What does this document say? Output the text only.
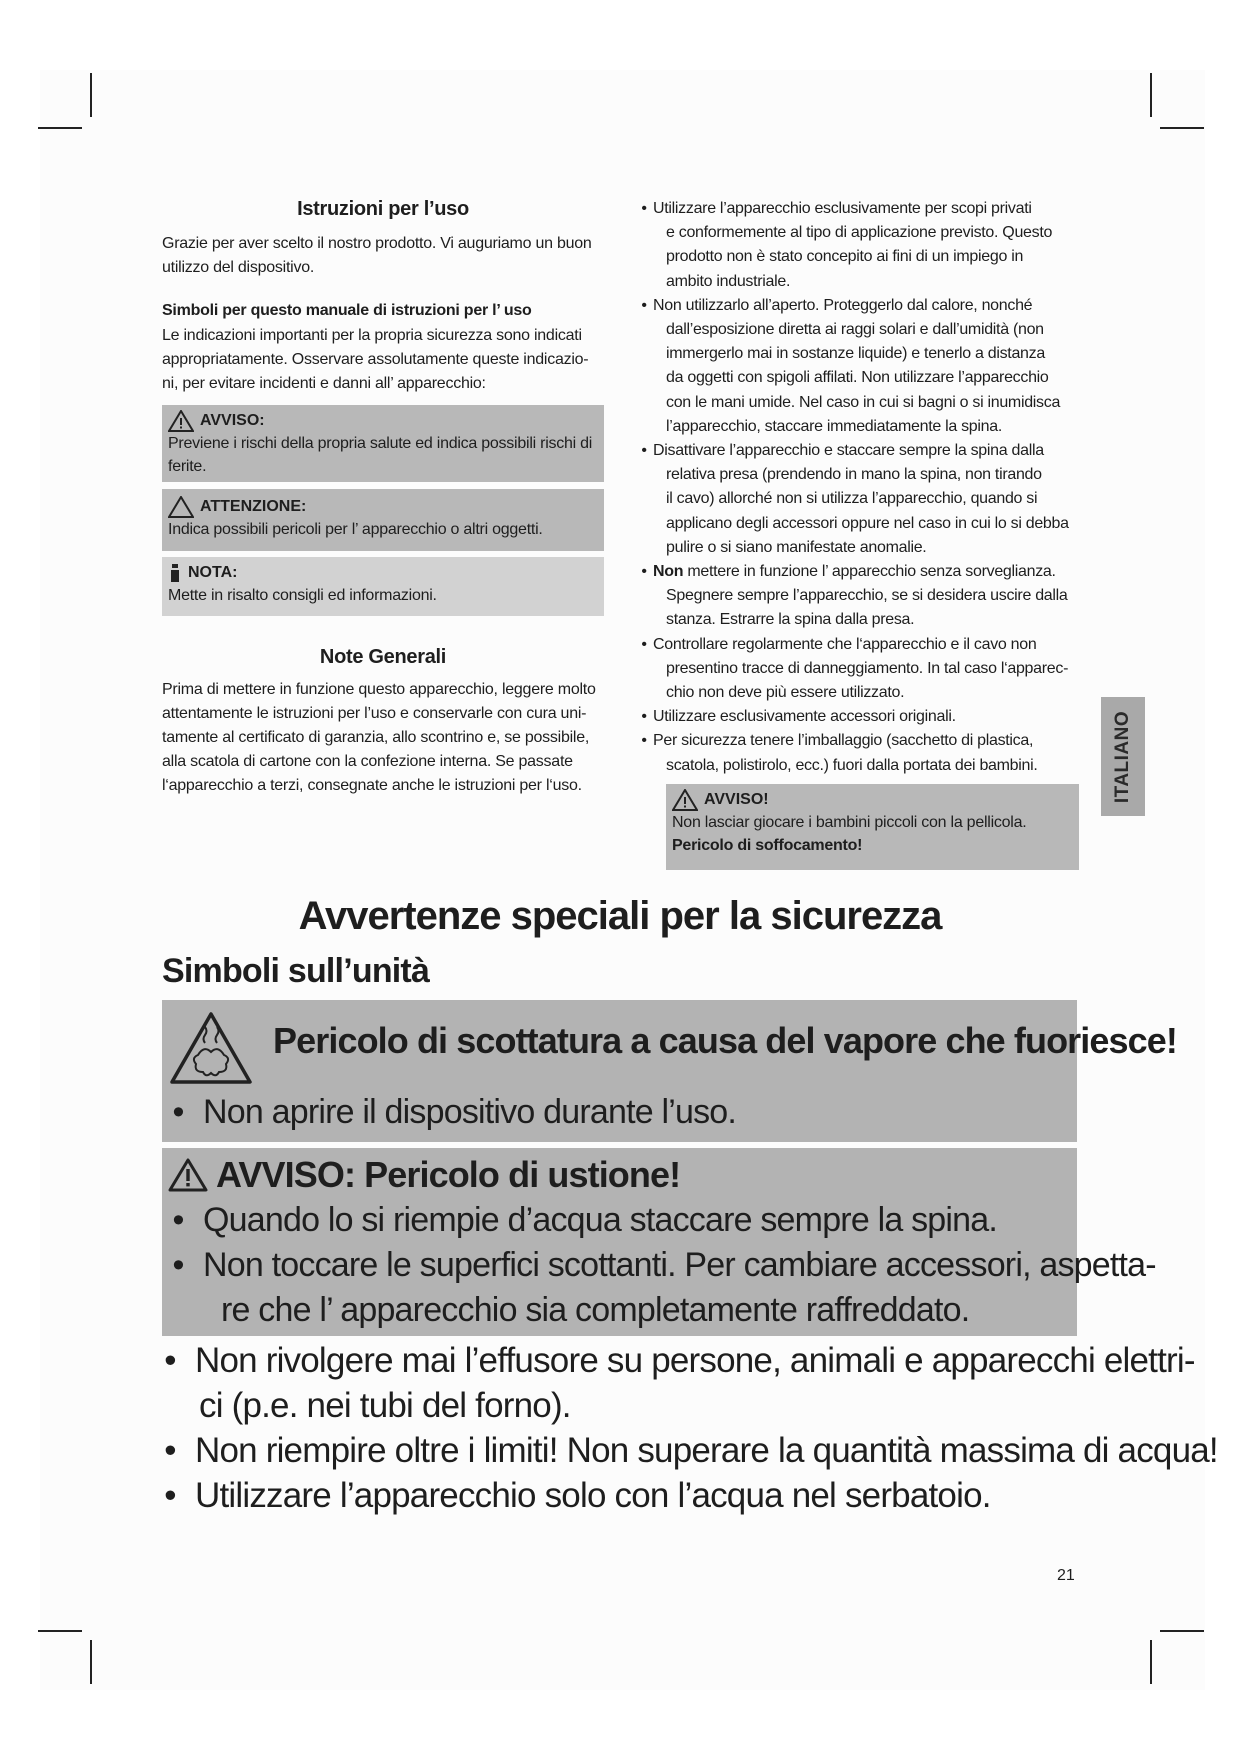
Istruzioni per l’uso

Grazie per aver scelto il nostro prodotto. Vi auguriamo un buon utilizzo del dispositivo.

Simboli per questo manuale di istruzioni per l’ uso

Le indicazioni importanti per la propria sicurezza sono indicati appropriatamente. Osservare assolutamente queste indicazio-ni, per evitare incidenti e danni all’ apparecchio:

AVVISO:
Previene i rischi della propria salute ed indica possibili rischi di ferite.
ATTENZIONE:
Indica possibili pericoli per l’ apparecchio o altri oggetti.
NOTA:
Mette in risalto consigli ed informazioni.
Note Generali

Prima di mettere in funzione questo apparecchio, leggere molto attentamente le istruzioni per l’uso e conservarle con cura uni-tamente al certificato di garanzia, allo scontrino e, se possibile, alla scatola di cartone con la confezione interna. Se passate l‘apparecchio a terzi, consegnate anche le istruzioni per l‘uso.

• Utilizzare l’apparecchio esclusivamente per scopi privati
e conformemente al tipo di applicazione previsto. Questo
prodotto non è stato concepito ai fini di un impiego in
ambito industriale.
• Non utilizzarlo all’aperto. Proteggerlo dal calore, nonché
dall’esposizione diretta ai raggi solari e dall’umidità (non
immergerlo mai in sostanze liquide) e tenerlo a distanza
da oggetti con spigoli affilati. Non utilizzare l’apparecchio
con le mani umide. Nel caso in cui si bagni o si inumidisca
l’apparecchio, staccare immediatamente la spina.
• Disattivare l’apparecchio e staccare sempre la spina dalla
relativa presa (prendendo in mano la spina, non tirando
il cavo) allorché non si utilizza l’apparecchio, quando si
applicano degli accessori oppure nel caso in cui lo si debba
pulire o si siano manifestate anomalie.
• Non mettere in funzione l’ apparecchio senza sorveglianza.
Spegnere sempre l’apparecchio, se si desidera uscire dalla
stanza. Estrarre la spina dalla presa.
• Controllare regolarmente che l‘apparecchio e il cavo non
presentino tracce di danneggiamento. In tal caso l‘apparec-
chio non deve più essere utilizzato.
• Utilizzare esclusivamente accessori originali.
• Per sicurezza tenere l’imballaggio (sacchetto di plastica,
scatola, polistirolo, ecc.) fuori dalla portata dei bambini.
AVVISO!
Non lasciar giocare i bambini piccoli con la pellicola.
Pericolo di soffocamento!
ITALIANO
Avvertenze speciali per la sicurezza
Simboli sull’unità
Pericolo di scottatura a causa del vapore che fuoriesce!
• Non aprire il dispositivo durante l’uso.
AVVISO: Pericolo di ustione!
• Quando lo si riempie d’acqua staccare sempre la spina.
• Non toccare le superfici scottanti. Per cambiare accessori, aspetta-
re che l’ apparecchio sia completamente raffreddato.
• Non rivolgere mai l’effusore su persone, animali e apparecchi elettri-
ci (p.e. nei tubi del forno).
• Non riempire oltre i limiti! Non superare la quantità massima di acqua!
• Utilizzare l’apparecchio solo con l’acqua nel serbatoio.
21
